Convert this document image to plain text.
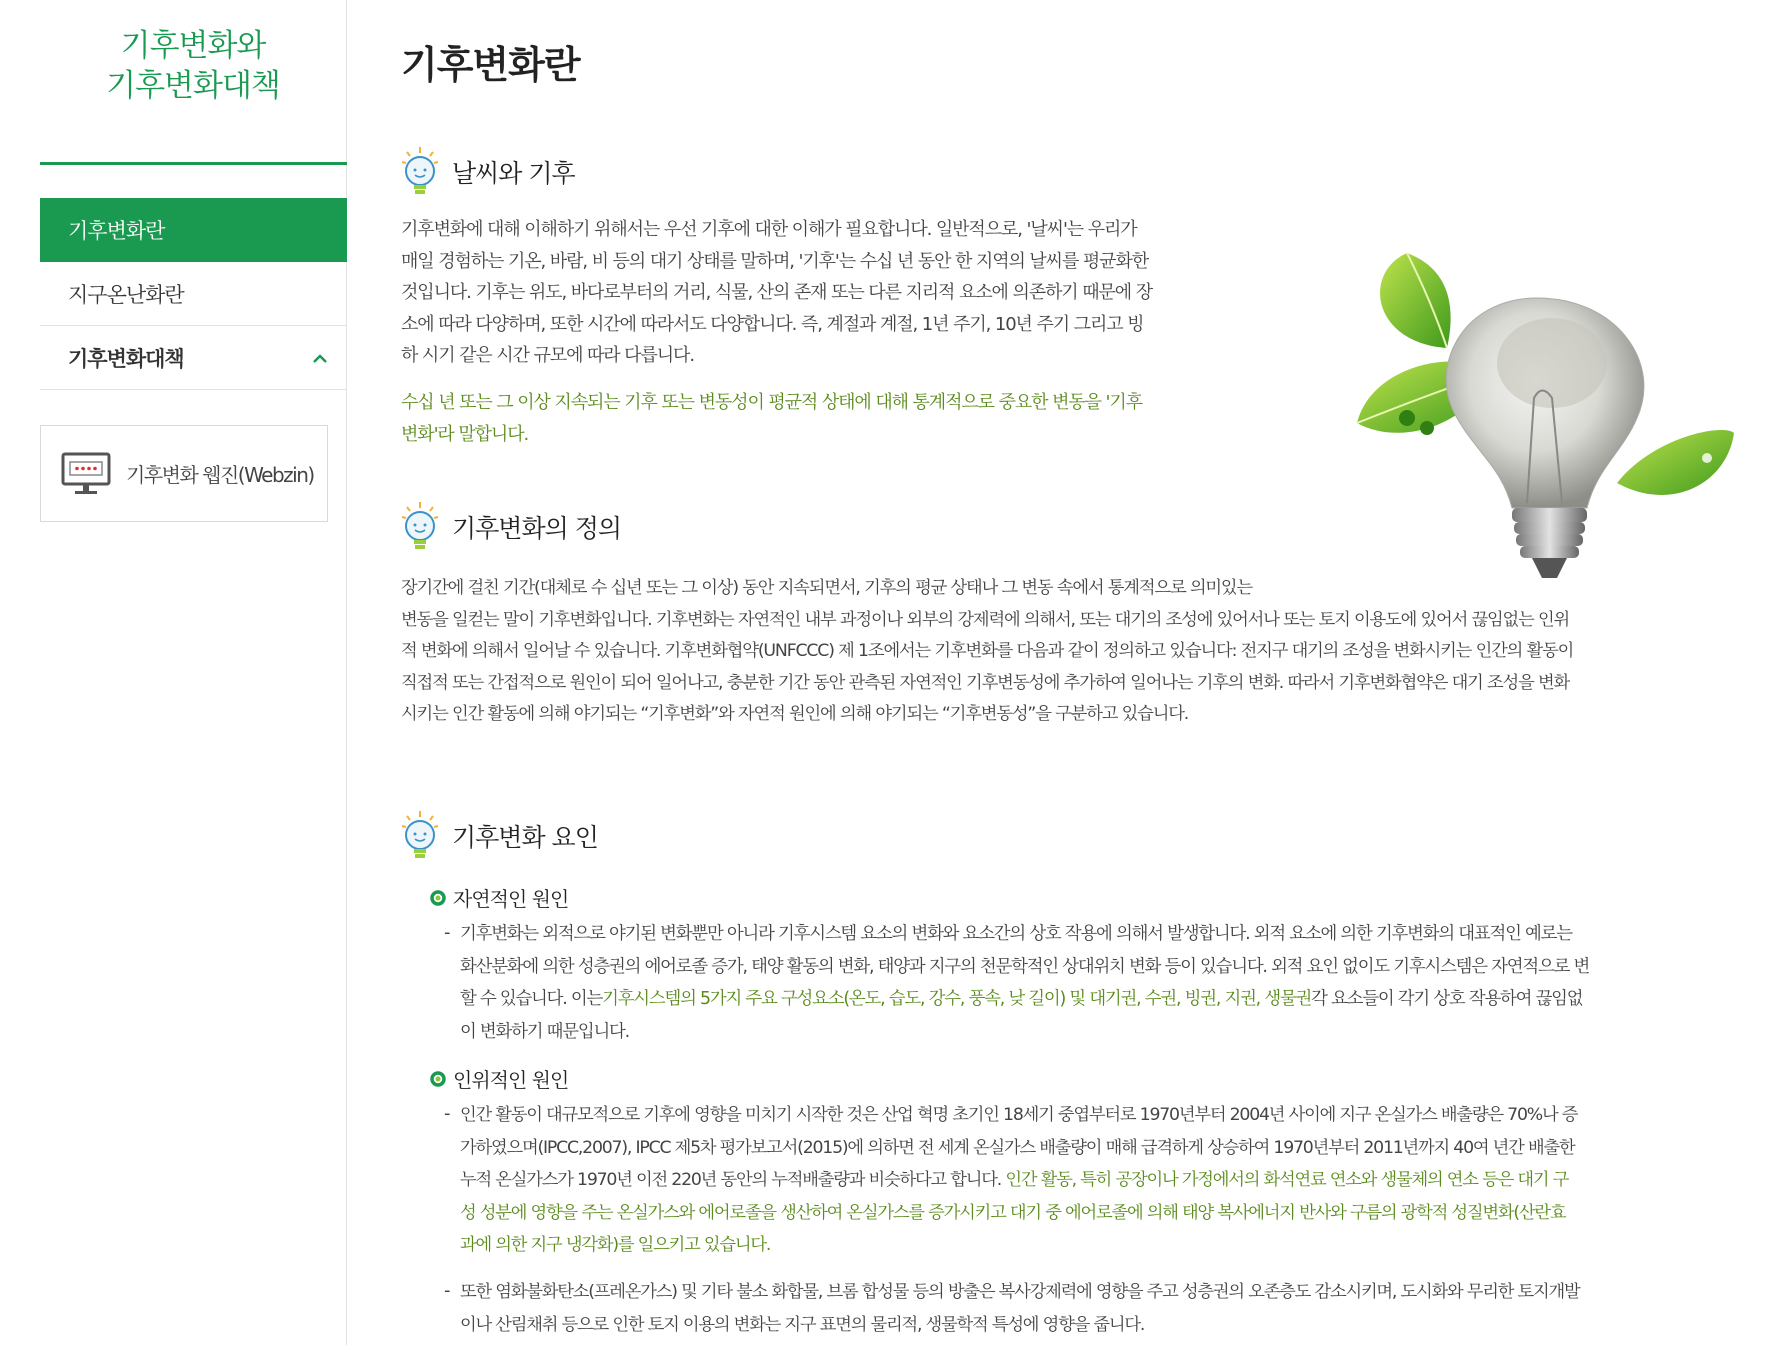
기후변화와
기후변화대책
기후변화란
지구온난화란
기후변화대책
기후변화 웹진(Webzin)
기후변화란
날씨와 기후
기후변화에 대해 이해하기 위해서는 우선 기후에 대한 이해가 필요합니다. 일반적으로, '날씨'는 우리가
매일 경험하는 기온, 바람, 비 등의 대기 상태를 말하며, '기후'는 수십 년 동안 한 지역의 날씨를 평균화한
것입니다. 기후는 위도, 바다로부터의 거리, 식물, 산의 존재 또는 다른 지리적 요소에 의존하기 때문에 장
소에 따라 다양하며, 또한 시간에 따라서도 다양합니다. 즉, 계절과 계절, 1년 주기, 10년 주기 그리고 빙
하 시기 같은 시간 규모에 따라 다릅니다.
수십 년 또는 그 이상 지속되는 기후 또는 변동성이 평균적 상태에 대해 통계적으로 중요한 변동을 '기후
변화'라 말합니다.
기후변화의 정의
장기간에 걸친 기간(대체로 수 십년 또는 그 이상) 동안 지속되면서, 기후의 평균 상태나 그 변동 속에서 통계적으로 의미있는
변동을 일컫는 말이 기후변화입니다. 기후변화는 자연적인 내부 과정이나 외부의 강제력에 의해서, 또는 대기의 조성에 있어서나 또는 토지 이용도에 있어서 끊임없는 인위
적 변화에 의해서 일어날 수 있습니다. 기후변화협약(UNFCCC) 제 1조에서는 기후변화를 다음과 같이 정의하고 있습니다: 전지구 대기의 조성을 변화시키는 인간의 활동이
직접적 또는 간접적으로 원인이 되어 일어나고, 충분한 기간 동안 관측된 자연적인 기후변동성에 추가하여 일어나는 기후의 변화. 따라서 기후변화협약은 대기 조성을 변화
시키는 인간 활동에 의해 야기되는 “기후변화”와 자연적 원인에 의해 야기되는 “기후변동성”을 구분하고 있습니다.
기후변화 요인
자연적인 원인
- 기후변화는 외적으로 야기된 변화뿐만 아니라 기후시스템 요소의 변화와 요소간의 상호 작용에 의해서 발생합니다. 외적 요소에 의한 기후변화의 대표적인 예로는
화산분화에 의한 성층권의 에어로졸 증가, 태양 활동의 변화, 태양과 지구의 천문학적인 상대위치 변화 등이 있습니다. 외적 요인 없이도 기후시스템은 자연적으로 변
할 수 있습니다. 이는기후시스템의 5가지 주요 구성요소(온도, 습도, 강수, 풍속, 낮 길이) 및 대기권, 수권, 빙권, 지권, 생물권각 요소들이 각기 상호 작용하여 끊임없
이 변화하기 때문입니다.
인위적인 원인
- 인간 활동이 대규모적으로 기후에 영향을 미치기 시작한 것은 산업 혁명 초기인 18세기 중엽부터로 1970년부터 2004년 사이에 지구 온실가스 배출량은 70%나 증
가하였으며(IPCC,2007), IPCC 제5차 평가보고서(2015)에 의하면 전 세계 온실가스 배출량이 매해 급격하게 상승하여 1970년부터 2011년까지 40여 년간 배출한
누적 온실가스가 1970년 이전 220년 동안의 누적배출량과 비슷하다고 합니다. 인간 활동, 특히 공장이나 가정에서의 화석연료 연소와 생물체의 연소 등은 대기 구
성 성분에 영향을 주는 온실가스와 에어로졸을 생산하여 온실가스를 증가시키고 대기 중 에어로졸에 의해 태양 복사에너지 반사와 구름의 광학적 성질변화(산란효
과에 의한 지구 냉각화)를 일으키고 있습니다.
- 또한 염화불화탄소(프레온가스) 및 기타 불소 화합물, 브롬 합성물 등의 방출은 복사강제력에 영향을 주고 성층권의 오존층도 감소시키며, 도시화와 무리한 토지개발
이나 산림채취 등으로 인한 토지 이용의 변화는 지구 표면의 물리적, 생물학적 특성에 영향을 줍니다.
